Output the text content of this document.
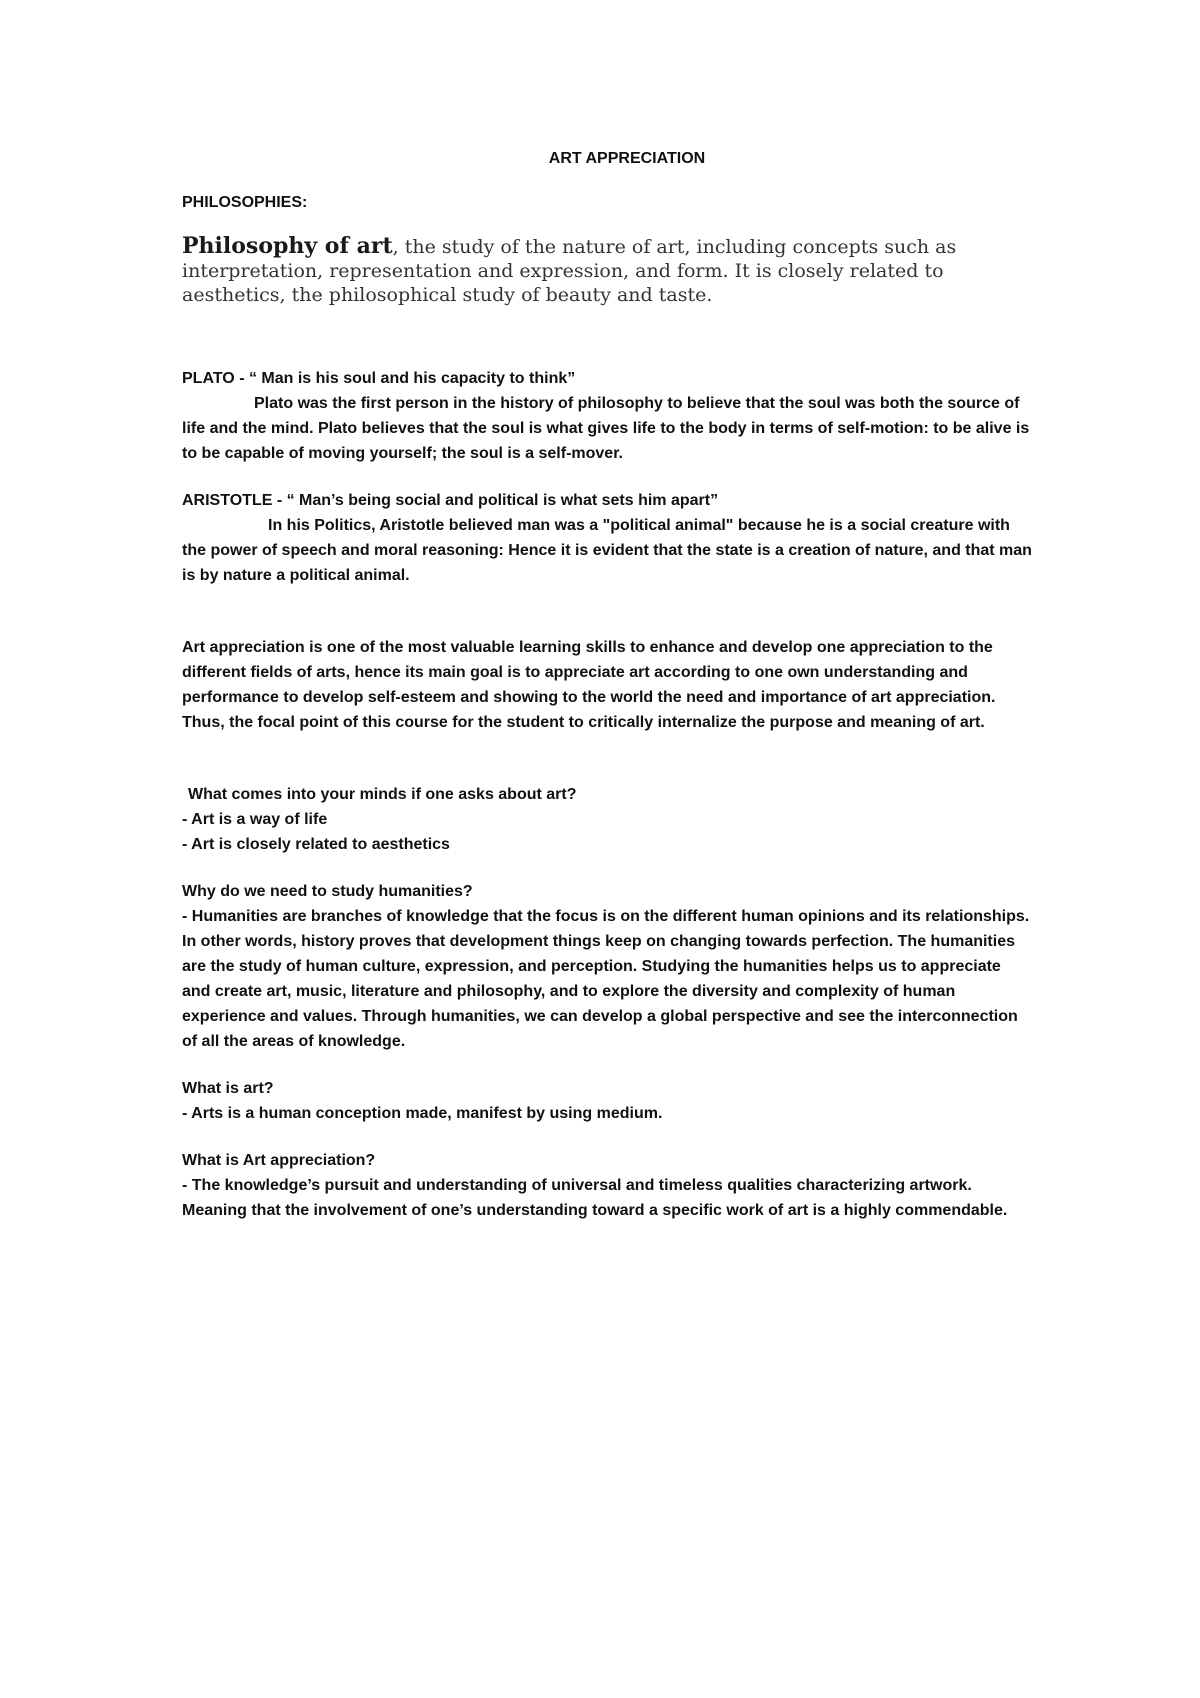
ART APPRECIATION

PHILOSOPHIES:

Philosophy of art, the study of the nature of art, including concepts such as interpretation, representation and expression, and form. It is closely related to aesthetics, the philosophical study of beauty and taste.

PLATO - “ Man is his soul and his capacity to think”

Plato was the first person in the history of philosophy to believe that the soul was both the source of life and the mind. Plato believes that the soul is what gives life to the body in terms of self-motion: to be alive is to be capable of moving yourself; the soul is a self-mover.

ARISTOTLE - “ Man’s being social and political is what sets him apart”

In his Politics, Aristotle believed man was a "political animal" because he is a social creature with the power of speech and moral reasoning: Hence it is evident that the state is a creation of nature, and that man is by nature a political animal.

Art appreciation is one of the most valuable learning skills to enhance and develop one appreciation to the different fields of arts, hence its main goal is to appreciate art according to one own understanding and performance to develop self-esteem and showing to the world the need and importance of art appreciation. Thus, the focal point of this course for the student to critically internalize the purpose and meaning of art.

What comes into your minds if one asks about art?

- Art is a way of life

- Art is closely related to aesthetics

Why do we need to study humanities?

- Humanities are branches of knowledge that the focus is on the different human opinions and its relationships. In other words, history proves that development things keep on changing towards perfection. The humanities are the study of human culture, expression, and perception. Studying the humanities helps us to appreciate and create art, music, literature and philosophy, and to explore the diversity and complexity of human experience and values. Through humanities, we can develop a global perspective and see the interconnection of all the areas of knowledge.

What is art?

- Arts is a human conception made, manifest by using medium.

What is Art appreciation?

- The knowledge’s pursuit and understanding of universal and timeless qualities characterizing artwork.

Meaning that the involvement of one’s understanding toward a specific work of art is a highly commendable.
